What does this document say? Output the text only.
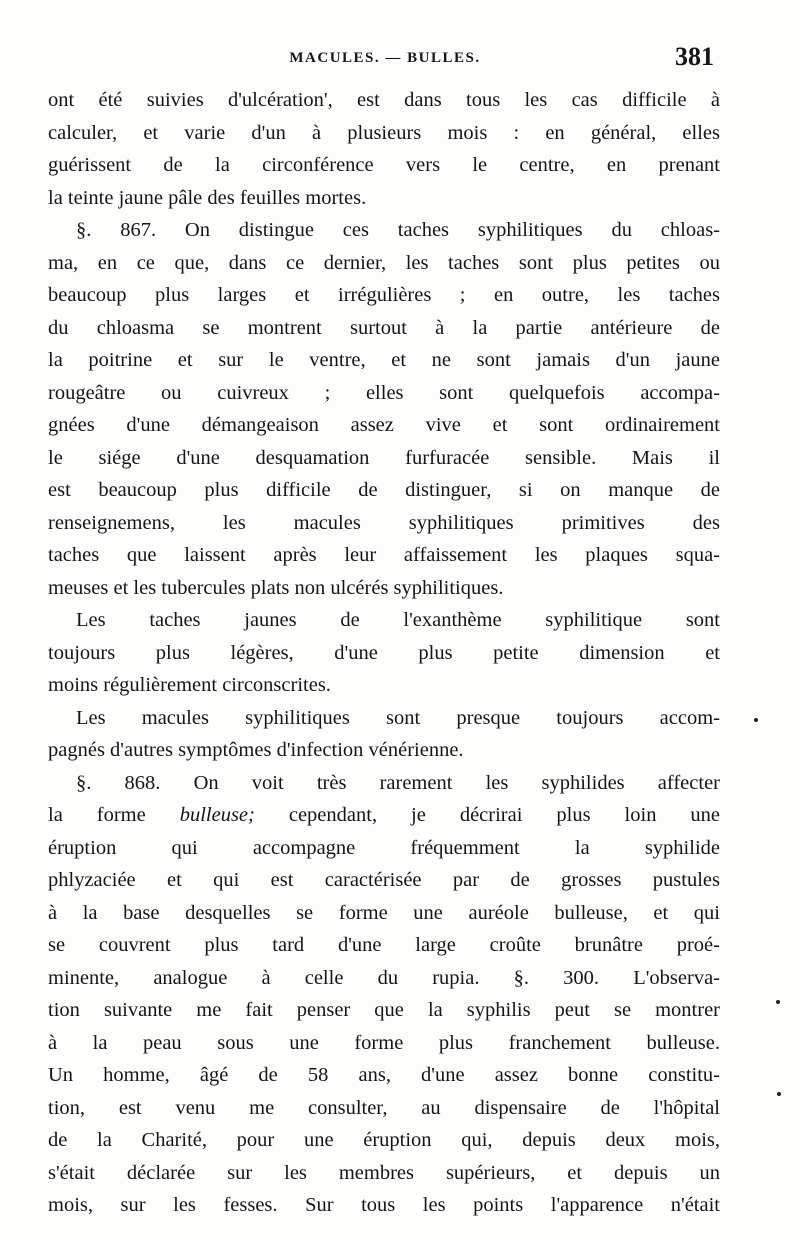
MACULES. — BULLES.	381
ont été suivies d'ulcération', est dans tous les cas difficile à
calculer, et varie d'un à plusieurs mois : en général, elles
guérissent de la circonférence vers le centre, en prenant
la teinte jaune pâle des feuilles mortes.
§. 867. On distingue ces taches syphilitiques du chloas-
ma, en ce que, dans ce dernier, les taches sont plus petites ou
beaucoup plus larges et irrégulières ; en outre, les taches
du chloasma se montrent surtout à la partie antérieure de
la poitrine et sur le ventre, et ne sont jamais d'un jaune
rougeâtre ou cuivreux ; elles sont quelquefois accompa-
gnées d'une démangeaison assez vive et sont ordinairement
le siége d'une desquamation furfuracée sensible. Mais il
est beaucoup plus difficile de distinguer, si on manque de
renseignemens, les macules syphilitiques primitives des
taches que laissent après leur affaissement les plaques squa-
meuses et les tubercules plats non ulcérés syphilitiques.
Les taches jaunes de l'exanthème syphilitique sont
toujours plus légères, d'une plus petite dimension et
moins régulièrement circonscrites.
Les macules syphilitiques sont presque toujours accom-
pagnés d'autres symptômes d'infection vénérienne.
§. 868. On voit très rarement les syphilides affecter
la forme bulleuse; cependant, je décrirai plus loin une
éruption qui accompagne fréquemment la syphilide
phlyzaciée et qui est caractérisée par de grosses pustules
à la base desquelles se forme une auréole bulleuse, et qui
se couvrent plus tard d'une large croûte brunâtre proé-
minente, analogue à celle du rupia. §. 300. L'observa-
tion suivante me fait penser que la syphilis peut se montrer
à la peau sous une forme plus franchement bulleuse.
Un homme, âgé de 58 ans, d'une assez bonne constitu-
tion, est venu me consulter, au dispensaire de l'hôpital
de la Charité, pour une éruption qui, depuis deux mois,
s'était déclarée sur les membres supérieurs, et depuis un
mois, sur les fesses. Sur tous les points l'apparence n'était
